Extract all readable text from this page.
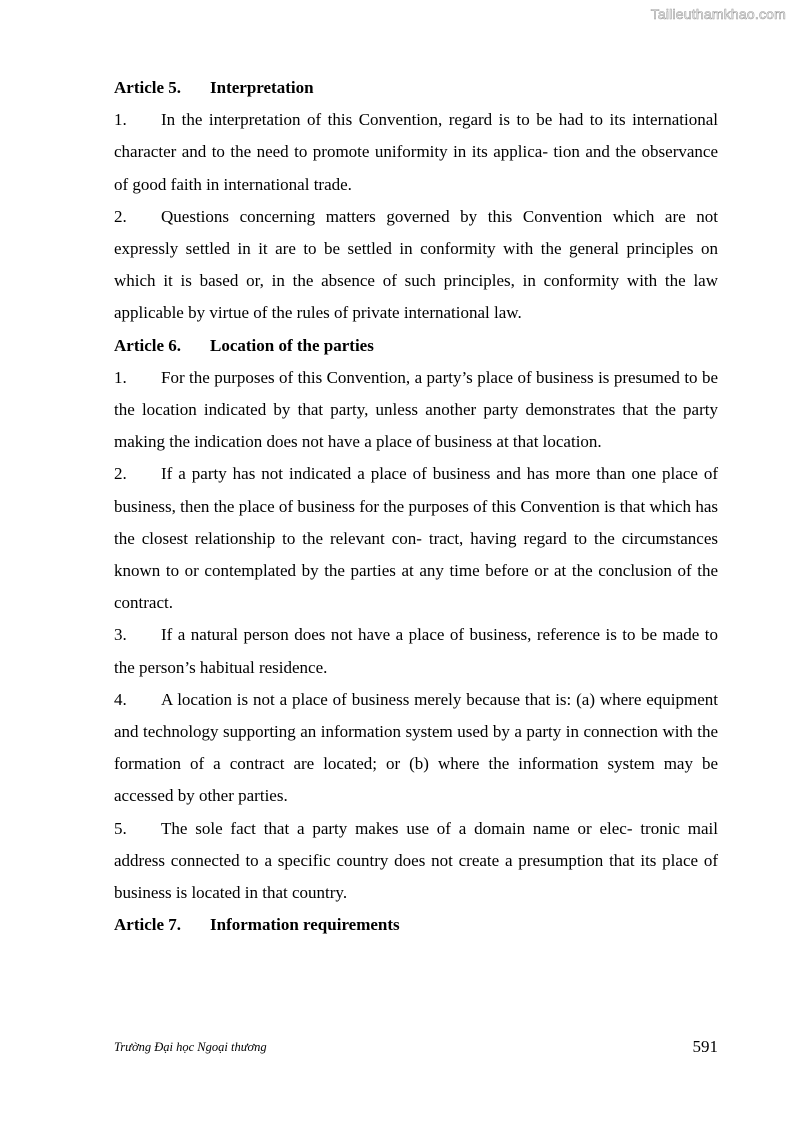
Tailieuthamkhao.com

Article 5. Interpretation

1. In the interpretation of this Convention, regard is to be had to its international character and to the need to promote uniformity in its applica- tion and the observance of good faith in international trade.

2. Questions concerning matters governed by this Convention which are not expressly settled in it are to be settled in conformity with the general principles on which it is based or, in the absence of such principles, in conformity with the law applicable by virtue of the rules of private international law.

Article 6. Location of the parties

1. For the purposes of this Convention, a party’s place of business is presumed to be the location indicated by that party, unless another party demonstrates that the party making the indication does not have a place of business at that location.

2. If a party has not indicated a place of business and has more than one place of business, then the place of business for the purposes of this Convention is that which has the closest relationship to the relevant con- tract, having regard to the circumstances known to or contemplated by the parties at any time before or at the conclusion of the contract.

3. If a natural person does not have a place of business, reference is to be made to the person’s habitual residence.

4. A location is not a place of business merely because that is: (a) where equipment and technology supporting an information system used by a party in connection with the formation of a contract are located; or (b) where the information system may be accessed by other parties.

5. The sole fact that a party makes use of a domain name or elec- tronic mail address connected to a specific country does not create a presumption that its place of business is located in that country.

Article 7. Information requirements

Trường Đại học Ngoại thương	591
